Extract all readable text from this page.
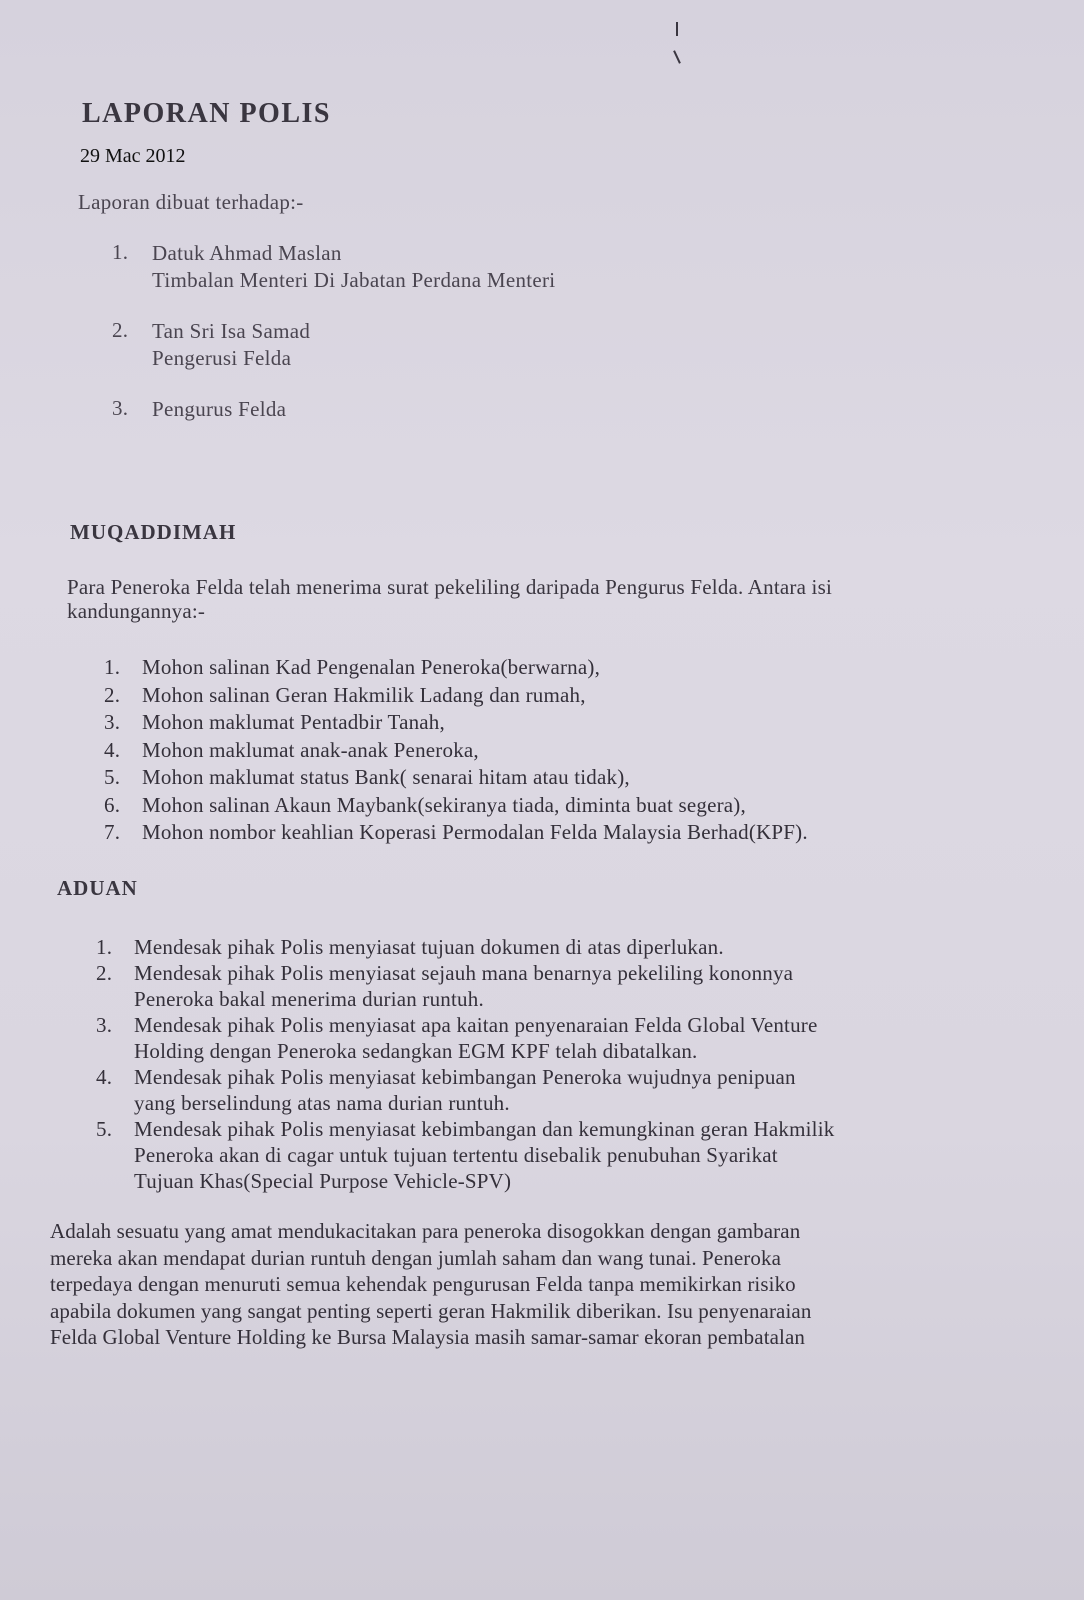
LAPORAN POLIS
29 Mac 2012
Laporan dibuat terhadap:-
1.	Datuk Ahmad Maslan
Timbalan Menteri Di Jabatan Perdana Menteri
2.	Tan Sri Isa Samad
Pengerusi Felda
3.	Pengurus Felda
MUQADDIMAH
Para Peneroka Felda telah menerima surat pekeliling daripada Pengurus Felda. Antara isi
kandungannya:-
1.	Mohon salinan Kad Pengenalan Peneroka(berwarna),
2.	Mohon salinan Geran Hakmilik Ladang dan rumah,
3.	Mohon maklumat Pentadbir Tanah,
4.	Mohon maklumat anak-anak Peneroka,
5.	Mohon maklumat status Bank( senarai hitam atau tidak),
6.	Mohon salinan Akaun Maybank(sekiranya tiada, diminta buat segera),
7.	Mohon nombor keahlian Koperasi Permodalan Felda Malaysia Berhad(KPF).
ADUAN
1.	Mendesak pihak Polis menyiasat tujuan dokumen di atas diperlukan.
2.	Mendesak pihak Polis menyiasat sejauh mana benarnya pekeliling kononnya
Peneroka bakal menerima durian runtuh.
3.	Mendesak pihak Polis menyiasat apa kaitan penyenaraian Felda Global Venture
Holding dengan Peneroka sedangkan EGM KPF telah dibatalkan.
4.	Mendesak pihak Polis menyiasat kebimbangan Peneroka wujudnya penipuan
yang berselindung atas nama durian runtuh.
5.	Mendesak pihak Polis menyiasat kebimbangan dan kemungkinan geran Hakmilik
Peneroka akan di cagar untuk tujuan tertentu disebalik penubuhan Syarikat
Tujuan Khas(Special Purpose Vehicle-SPV)
Adalah sesuatu yang amat mendukacitakan para peneroka disogokkan dengan gambaran
mereka akan mendapat durian runtuh dengan jumlah saham dan wang tunai. Peneroka
terpedaya dengan menuruti semua kehendak pengurusan Felda tanpa memikirkan risiko
apabila dokumen yang sangat penting seperti geran Hakmilik diberikan. Isu penyenaraian
Felda Global Venture Holding ke Bursa Malaysia masih samar-samar ekoran pembatalan
